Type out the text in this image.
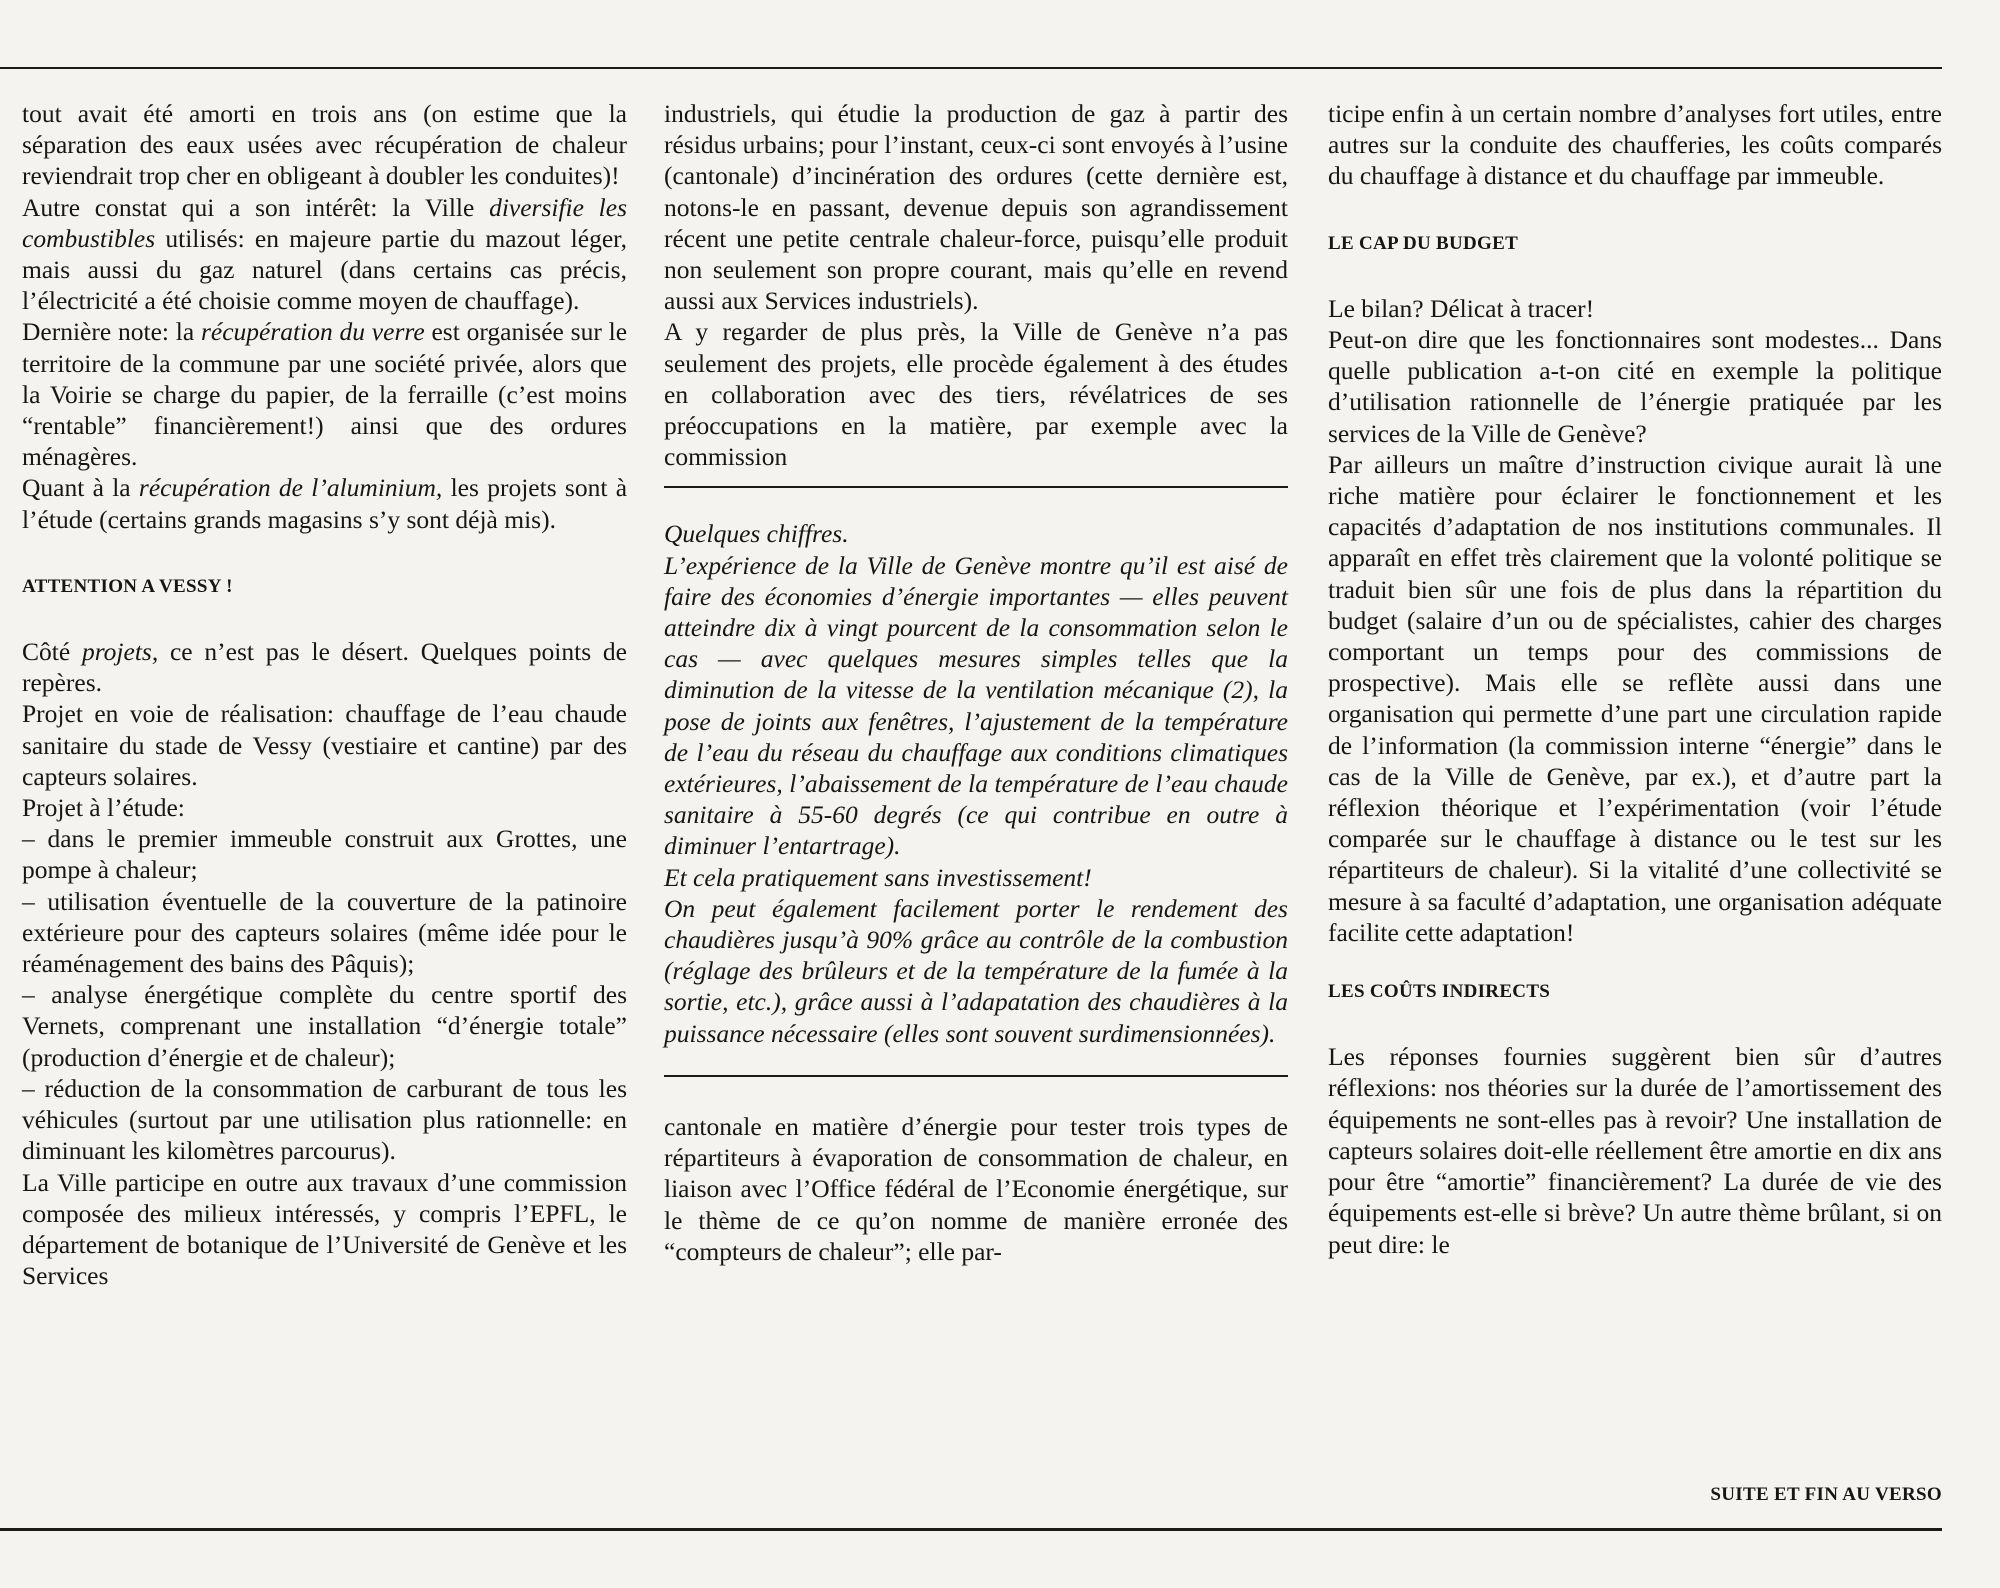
tout avait été amorti en trois ans (on estime que la séparation des eaux usées avec récupération de chaleur reviendrait trop cher en obligeant à doubler les conduites)!

Autre constat qui a son intérêt: la Ville diversifie les combustibles utilisés: en majeure partie du mazout léger, mais aussi du gaz naturel (dans certains cas précis, l’électricité a été choisie comme moyen de chauffage).

Dernière note: la récupération du verre est organisée sur le territoire de la commune par une société privée, alors que la Voirie se charge du papier, de la ferraille (c’est moins “rentable” financièrement!) ainsi que des ordures ménagères.

Quant à la récupération de l’aluminium, les projets sont à l’étude (certains grands magasins s’y sont déjà mis).

ATTENTION A VESSY !

Côté projets, ce n’est pas le désert. Quelques points de repères.

Projet en voie de réalisation: chauffage de l’eau chaude sanitaire du stade de Vessy (vestiaire et cantine) par des capteurs solaires.

Projet à l’étude:

– dans le premier immeuble construit aux Grottes, une pompe à chaleur;

– utilisation éventuelle de la couverture de la patinoire extérieure pour des capteurs solaires (même idée pour le réaménagement des bains des Pâquis);

– analyse énergétique complète du centre sportif des Vernets, comprenant une installation “d’énergie totale” (production d’énergie et de chaleur);

– réduction de la consommation de carburant de tous les véhicules (surtout par une utilisation plus rationnelle: en diminuant les kilomètres parcourus).

La Ville participe en outre aux travaux d’une commission composée des milieux intéressés, y compris l’EPFL, le département de botanique de l’Université de Genève et les Services

industriels, qui étudie la production de gaz à partir des résidus urbains; pour l’instant, ceux-ci sont envoyés à l’usine (cantonale) d’incinération des ordures (cette dernière est, notons-le en passant, devenue depuis son agrandissement récent une petite centrale chaleur-force, puisqu’elle produit non seulement son propre courant, mais qu’elle en revend aussi aux Services industriels).

A y regarder de plus près, la Ville de Genève n’a pas seulement des projets, elle procède également à des études en collaboration avec des tiers, révélatrices de ses préoccupations en la matière, par exemple avec la commission

Quelques chiffres.

L’expérience de la Ville de Genève montre qu’il est aisé de faire des économies d’énergie importantes — elles peuvent atteindre dix à vingt pourcent de la consommation selon le cas — avec quelques mesures simples telles que la diminution de la vitesse de la ventilation mécanique (2), la pose de joints aux fenêtres, l’ajustement de la température de l’eau du réseau du chauffage aux conditions climatiques extérieures, l’abaissement de la température de l’eau chaude sanitaire à 55-60 degrés (ce qui contribue en outre à diminuer l’entartrage).

Et cela pratiquement sans investissement!

On peut également facilement porter le rendement des chaudières jusqu’à 90% grâce au contrôle de la combustion (réglage des brûleurs et de la température de la fumée à la sortie, etc.), grâce aussi à l’adapatation des chaudières à la puissance nécessaire (elles sont souvent surdimensionnées).

cantonale en matière d’énergie pour tester trois types de répartiteurs à évaporation de consommation de chaleur, en liaison avec l’Office fédéral de l’Economie énergétique, sur le thème de ce qu’on nomme de manière erronée des “compteurs de chaleur”; elle par-

ticipe enfin à un certain nombre d’analyses fort utiles, entre autres sur la conduite des chaufferies, les coûts comparés du chauffage à distance et du chauffage par immeuble.

LE CAP DU BUDGET

Le bilan? Délicat à tracer!

Peut-on dire que les fonctionnaires sont modestes... Dans quelle publication a-t-on cité en exemple la politique d’utilisation rationnelle de l’énergie pratiquée par les services de la Ville de Genève?

Par ailleurs un maître d’instruction civique aurait là une riche matière pour éclairer le fonctionnement et les capacités d’adaptation de nos institutions communales. Il apparaît en effet très clairement que la volonté politique se traduit bien sûr une fois de plus dans la répartition du budget (salaire d’un ou de spécialistes, cahier des charges comportant un temps pour des commissions de prospective). Mais elle se reflète aussi dans une organisation qui permette d’une part une circulation rapide de l’information (la commission interne “énergie” dans le cas de la Ville de Genève, par ex.), et d’autre part la réflexion théorique et l’expérimentation (voir l’étude comparée sur le chauffage à distance ou le test sur les répartiteurs de chaleur). Si la vitalité d’une collectivité se mesure à sa faculté d’adaptation, une organisation adéquate facilite cette adaptation!

LES COÛTS INDIRECTS

Les réponses fournies suggèrent bien sûr d’autres réflexions: nos théories sur la durée de l’amortissement des équipements ne sont-elles pas à revoir? Une installation de capteurs solaires doit-elle réellement être amortie en dix ans pour être “amortie” financièrement? La durée de vie des équipements est-elle si brève? Un autre thème brûlant, si on peut dire: le

SUITE ET FIN AU VERSO
